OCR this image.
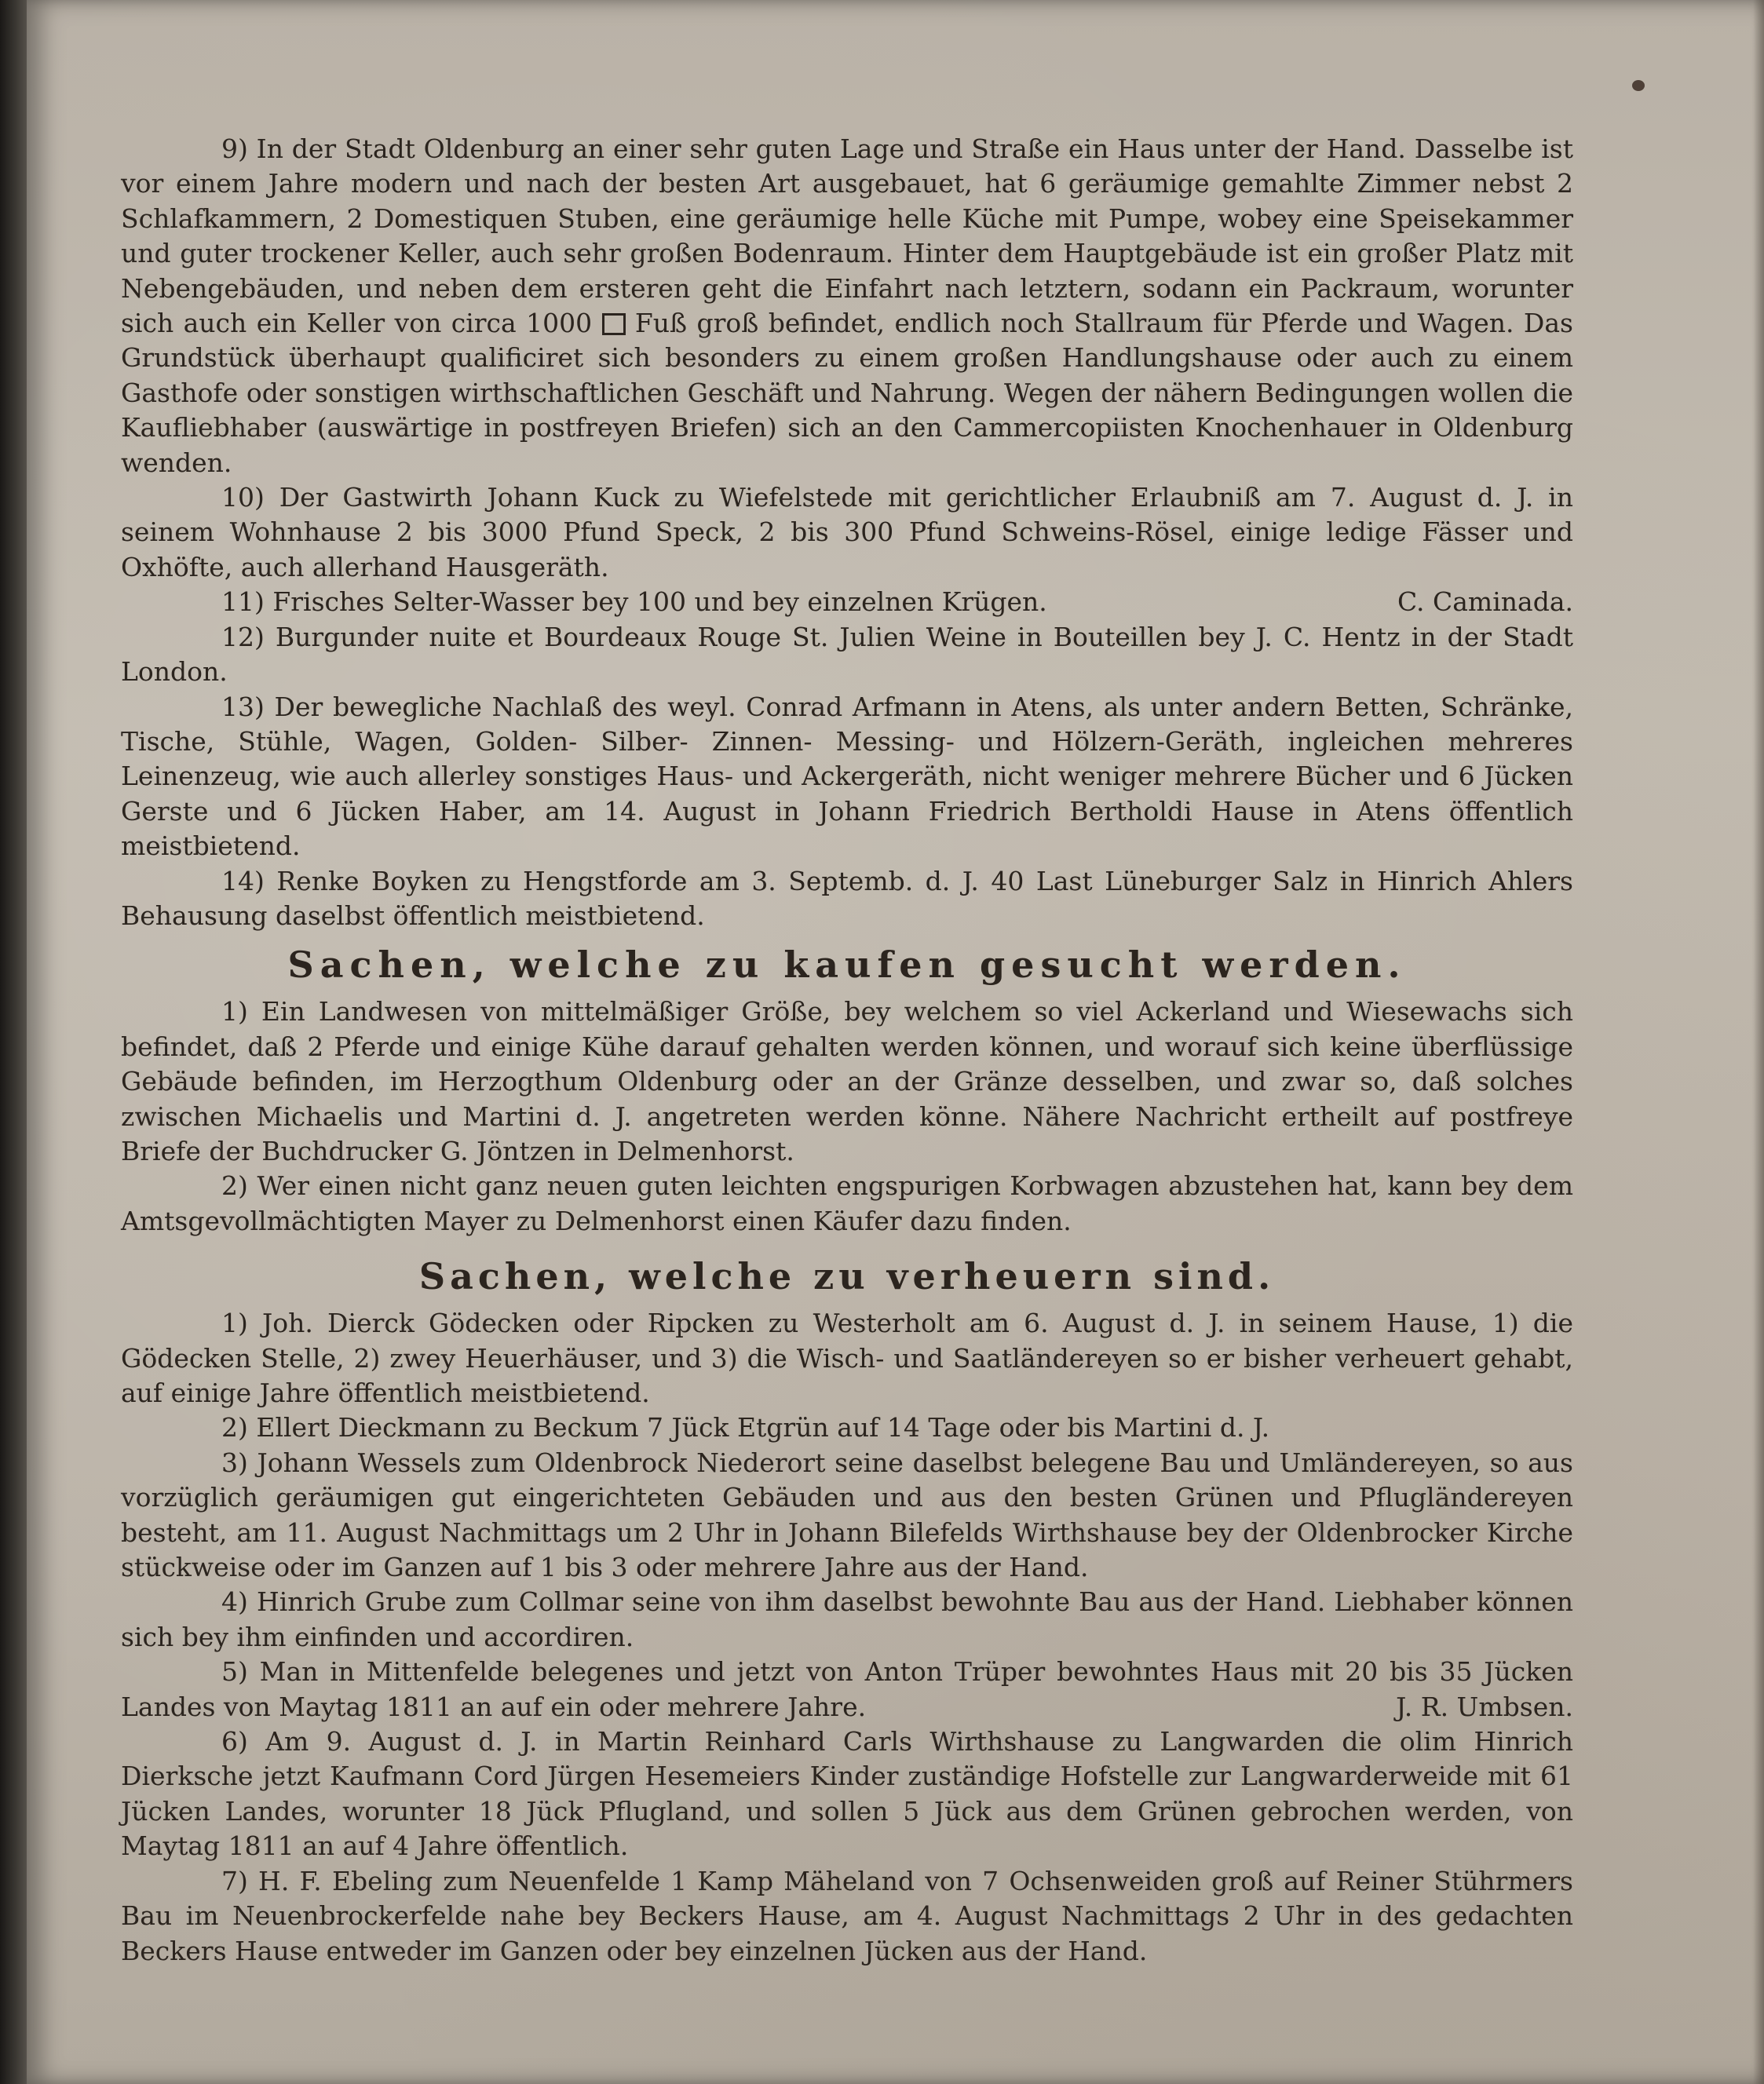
9) In der Stadt Oldenburg an einer sehr guten Lage und Straße ein Haus unter der Hand. Dasselbe ist vor einem Jahre modern und nach der besten Art ausgebauet, hat 6 geräumige gemahlte Zimmer nebst 2 Schlafkammern, 2 Domestiquen Stuben, eine geräumige helle Küche mit Pumpe, wobey eine Speisekammer und guter trockener Keller, auch sehr großen Bodenraum. Hinter dem Hauptgebäude ist ein großer Platz mit Nebengebäuden, und neben dem ersteren geht die Einfahrt nach letztern, sodann ein Packraum, worunter sich auch ein Keller von circa 1000 Fuß groß befindet, endlich noch Stallraum für Pferde und Wagen. Das Grundstück überhaupt qualificiret sich besonders zu einem großen Handlungshause oder auch zu einem Gasthofe oder sonstigen wirthschaftlichen Geschäft und Nahrung. Wegen der nähern Bedingungen wollen die Kaufliebhaber (auswärtige in postfreyen Briefen) sich an den Cammercopiisten Knochenhauer in Oldenburg wenden.

10) Der Gastwirth Johann Kuck zu Wiefelstede mit gerichtlicher Erlaubniß am 7. August d. J. in seinem Wohnhause 2 bis 3000 Pfund Speck, 2 bis 300 Pfund Schweins-Rösel, einige ledige Fässer und Oxhöfte, auch allerhand Hausgeräth.

11) Frisches Selter-Wasser bey 100 und bey einzelnen Krügen.	C. Caminada.

12) Burgunder nuite et Bourdeaux Rouge St. Julien Weine in Bouteillen bey J. C. Hentz in der Stadt London.

13) Der bewegliche Nachlaß des weyl. Conrad Arfmann in Atens, als unter andern Betten, Schränke, Tische, Stühle, Wagen, Golden- Silber- Zinnen- Messing- und Hölzern-Geräth, ingleichen mehreres Leinenzeug, wie auch allerley sonstiges Haus- und Ackergeräth, nicht weniger mehrere Bücher und 6 Jücken Gerste und 6 Jücken Haber, am 14. August in Johann Friedrich Bertholdi Hause in Atens öffentlich meistbietend.

14) Renke Boyken zu Hengstforde am 3. Septemb. d. J. 40 Last Lüneburger Salz in Hinrich Ahlers Behausung daselbst öffentlich meistbietend.

Sachen, welche zu kaufen gesucht werden.

1) Ein Landwesen von mittelmäßiger Größe, bey welchem so viel Ackerland und Wiesewachs sich befindet, daß 2 Pferde und einige Kühe darauf gehalten werden können, und worauf sich keine überflüssige Gebäude befinden, im Herzogthum Oldenburg oder an der Gränze desselben, und zwar so, daß solches zwischen Michaelis und Martini d. J. angetreten werden könne. Nähere Nachricht ertheilt auf postfreye Briefe der Buchdrucker G. Jöntzen in Delmenhorst.

2) Wer einen nicht ganz neuen guten leichten engspurigen Korbwagen abzustehen hat, kann bey dem Amtsgevollmächtigten Mayer zu Delmenhorst einen Käufer dazu finden.

Sachen, welche zu verheuern sind.

1) Joh. Dierck Gödecken oder Ripcken zu Westerholt am 6. August d. J. in seinem Hause, 1) die Gödecken Stelle, 2) zwey Heuerhäuser, und 3) die Wisch- und Saatländereyen so er bisher verheuert gehabt, auf einige Jahre öffentlich meistbietend.

2) Ellert Dieckmann zu Beckum 7 Jück Etgrün auf 14 Tage oder bis Martini d. J.

3) Johann Wessels zum Oldenbrock Niederort seine daselbst belegene Bau und Umländereyen, so aus vorzüglich geräumigen gut eingerichteten Gebäuden und aus den besten Grünen und Pflugländereyen besteht, am 11. August Nachmittags um 2 Uhr in Johann Bilefelds Wirthshause bey der Oldenbrocker Kirche stückweise oder im Ganzen auf 1 bis 3 oder mehrere Jahre aus der Hand.

4) Hinrich Grube zum Collmar seine von ihm daselbst bewohnte Bau aus der Hand. Liebhaber können sich bey ihm einfinden und accordiren.

5) Man in Mittenfelde belegenes und jetzt von Anton Trüper bewohntes Haus mit 20 bis 35 Jücken Landes von Maytag 1811 an auf ein oder mehrere Jahre.	J. R. Umbsen.

6) Am 9. August d. J. in Martin Reinhard Carls Wirthshause zu Langwarden die olim Hinrich Dierksche jetzt Kaufmann Cord Jürgen Hesemeiers Kinder zuständige Hofstelle zur Langwarderweide mit 61 Jücken Landes, worunter 18 Jück Pflugland, und sollen 5 Jück aus dem Grünen gebrochen werden, von Maytag 1811 an auf 4 Jahre öffentlich.

7) H. F. Ebeling zum Neuenfelde 1 Kamp Mäheland von 7 Ochsenweiden groß auf Reiner Stührmers Bau im Neuenbrockerfelde nahe bey Beckers Hause, am 4. August Nachmittags 2 Uhr in des gedachten Beckers Hause entweder im Ganzen oder bey einzelnen Jücken aus der Hand.
